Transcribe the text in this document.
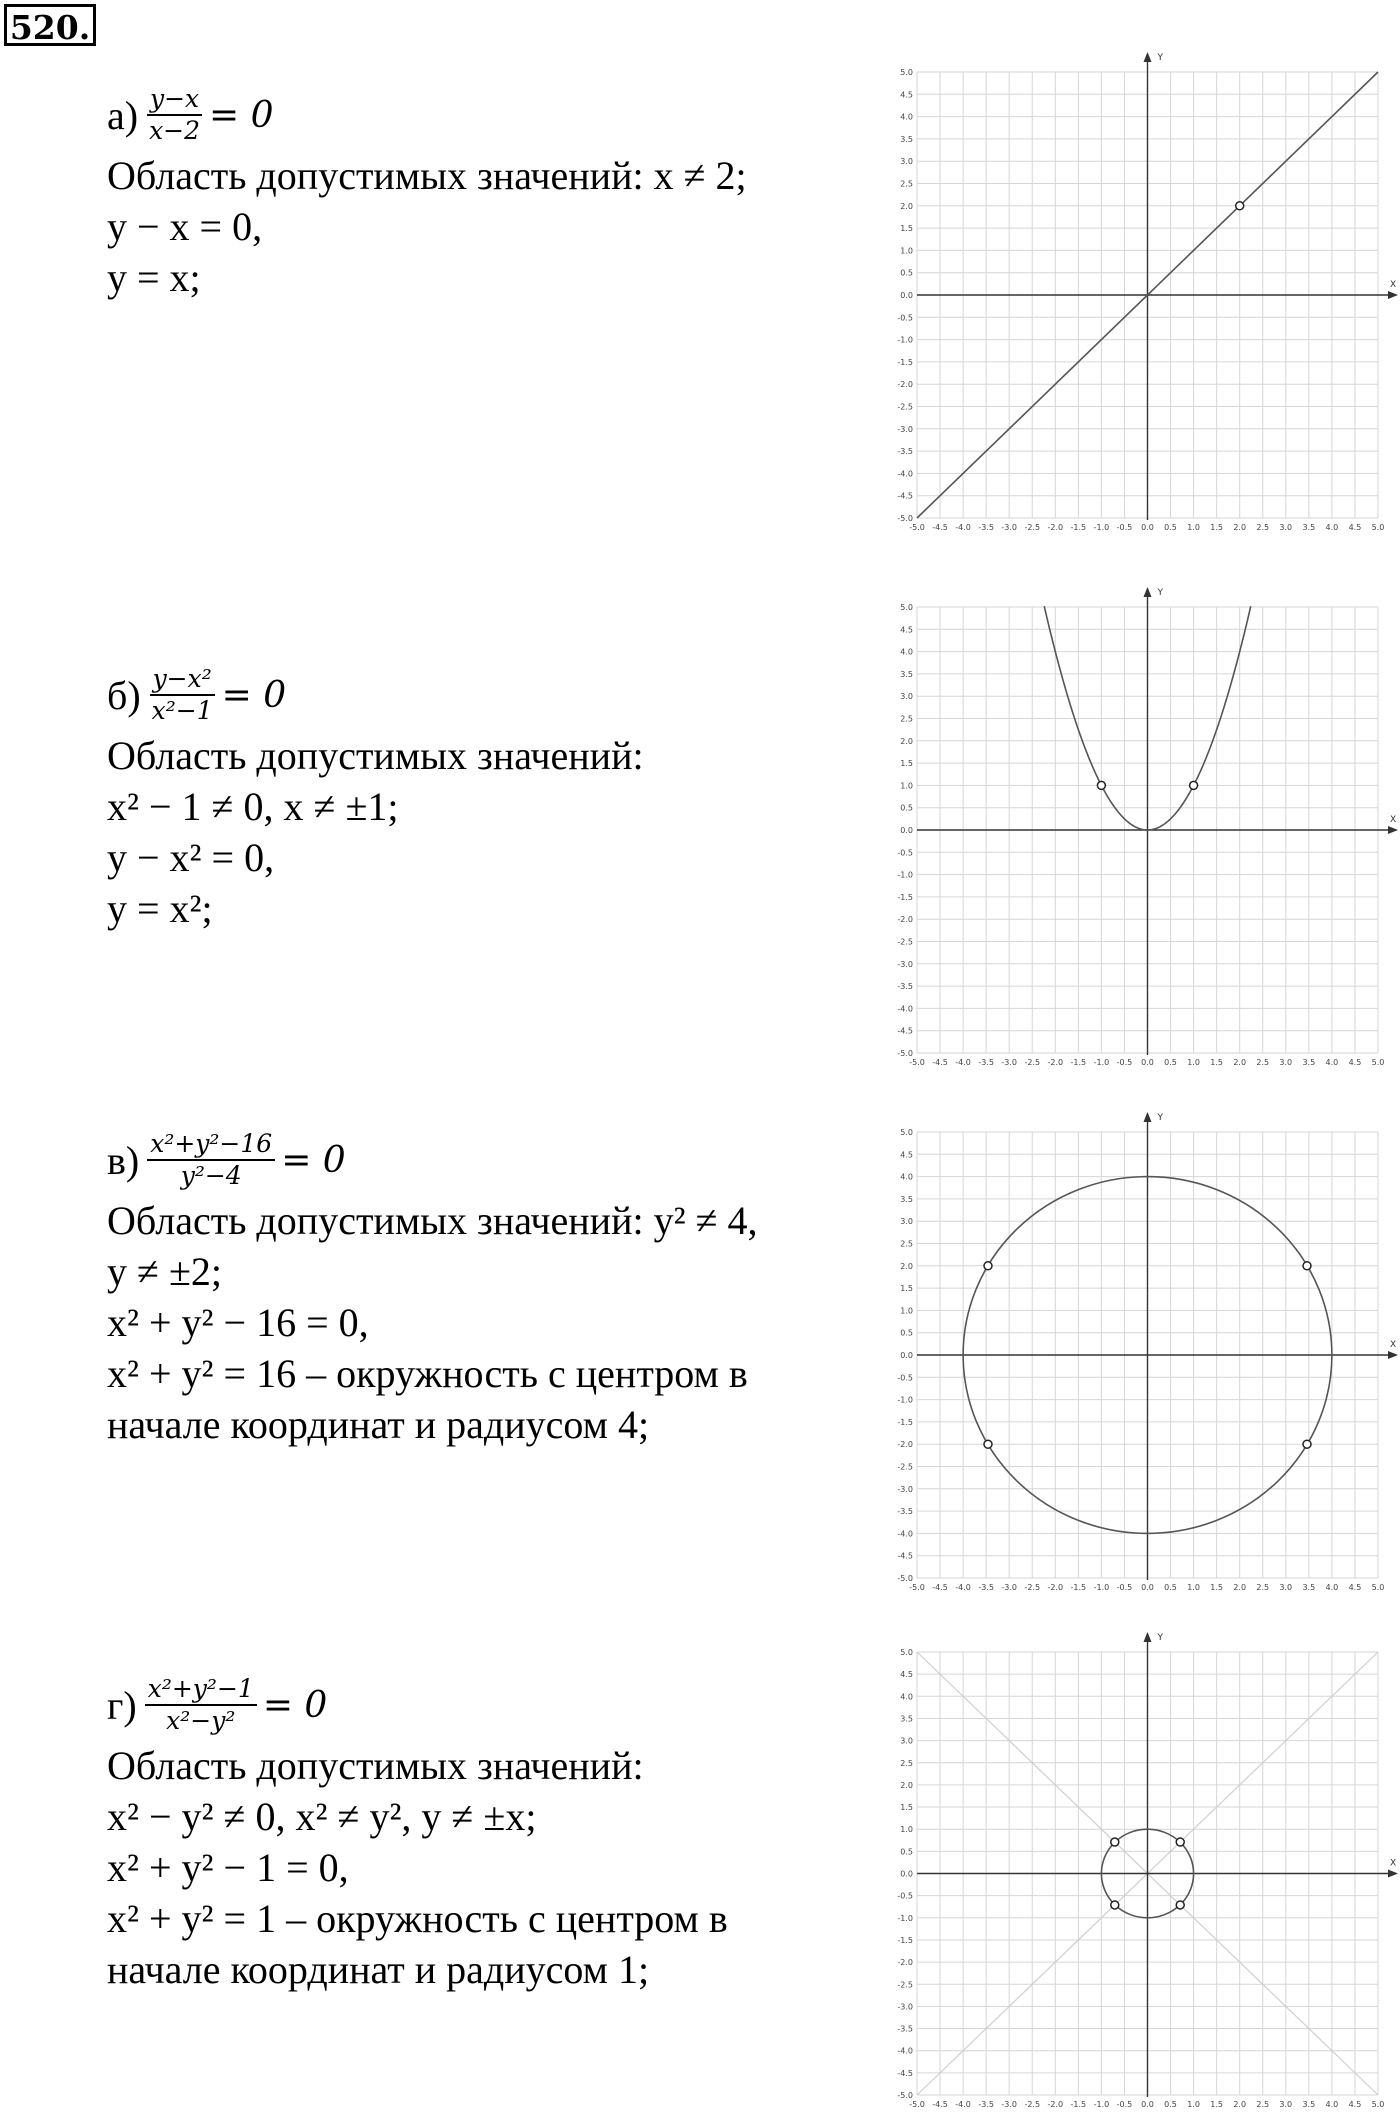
520.
$а) \frac{y-x}{x-2} = 0$
Область допустимых значений: x ≠ 2;
y − x = 0,
y = x;
$б) \frac{\text{y−x²}}{\text{x²−1}} = 0$
Область допустимых значений:
x² − 1 ≠ 0, x ≠ ±1;
y − x² = 0,
y = x²;
$в) \frac{\text{x²+y²−16}}{\text{y²−4}} = 0$
Область допустимых значений: y² ≠ 4,
y ≠ ±2;
x² + y² − 16 = 0,
x² + y² = 16 – окружность с центром в
начале координат и радиусом 4;
$г) \frac{\text{x²+y²−1}}{\text{x²−y²}} = 0$
Область допустимых значений:
x² − y² ≠ 0, x² ≠ y², y ≠ ±x;
x² + y² − 1 = 0,
x² + y² = 1 – окружность с центром в
начале координат и радиусом 1;
-5.0 -4.5 -4.0 -3.5 -3.0 -2.5 -2.0 -1.5 -1.0 -0.5 0.0 0.5 1.0 1.5 2.0 2.5 3.0 3.5 4.0 4.5 5.0
-5.0
-4.5
-4.0
-3.5
-3.0
-2.5
-2.0
-1.5
-1.0
-0.5
0.0
0.5
1.0
1.5
2.0
2.5
3.0
3.5
4.0
4.5
5.0
X
Y
-5.0 -4.5 -4.0 -3.5 -3.0 -2.5 -2.0 -1.5 -1.0 -0.5 0.0 0.5 1.0 1.5 2.0 2.5 3.0 3.5 4.0 4.5 5.0
-5.0
-4.5
-4.0
-3.5
-3.0
-2.5
-2.0
-1.5
-1.0
-0.5
0.0
0.5
1.0
1.5
2.0
2.5
3.0
3.5
4.0
4.5
5.0
X
Y
-5.0 -4.5 -4.0 -3.5 -3.0 -2.5 -2.0 -1.5 -1.0 -0.5 0.0 0.5 1.0 1.5 2.0 2.5 3.0 3.5 4.0 4.5 5.0
-5.0
-4.5
-4.0
-3.5
-3.0
-2.5
-2.0
-1.5
-1.0
-0.5
0.0
0.5
1.0
1.5
2.0
2.5
3.0
3.5
4.0
4.5
5.0
X
Y
-5.0 -4.5 -4.0 -3.5 -3.0 -2.5 -2.0 -1.5 -1.0 -0.5 0.0 0.5 1.0 1.5 2.0 2.5 3.0 3.5 4.0 4.5 5.0
-5.0
-4.5
-4.0
-3.5
-3.0
-2.5
-2.0
-1.5
-1.0
-0.5
0.0
0.5
1.0
1.5
2.0
2.5
3.0
3.5
4.0
4.5
5.0
X
Y
